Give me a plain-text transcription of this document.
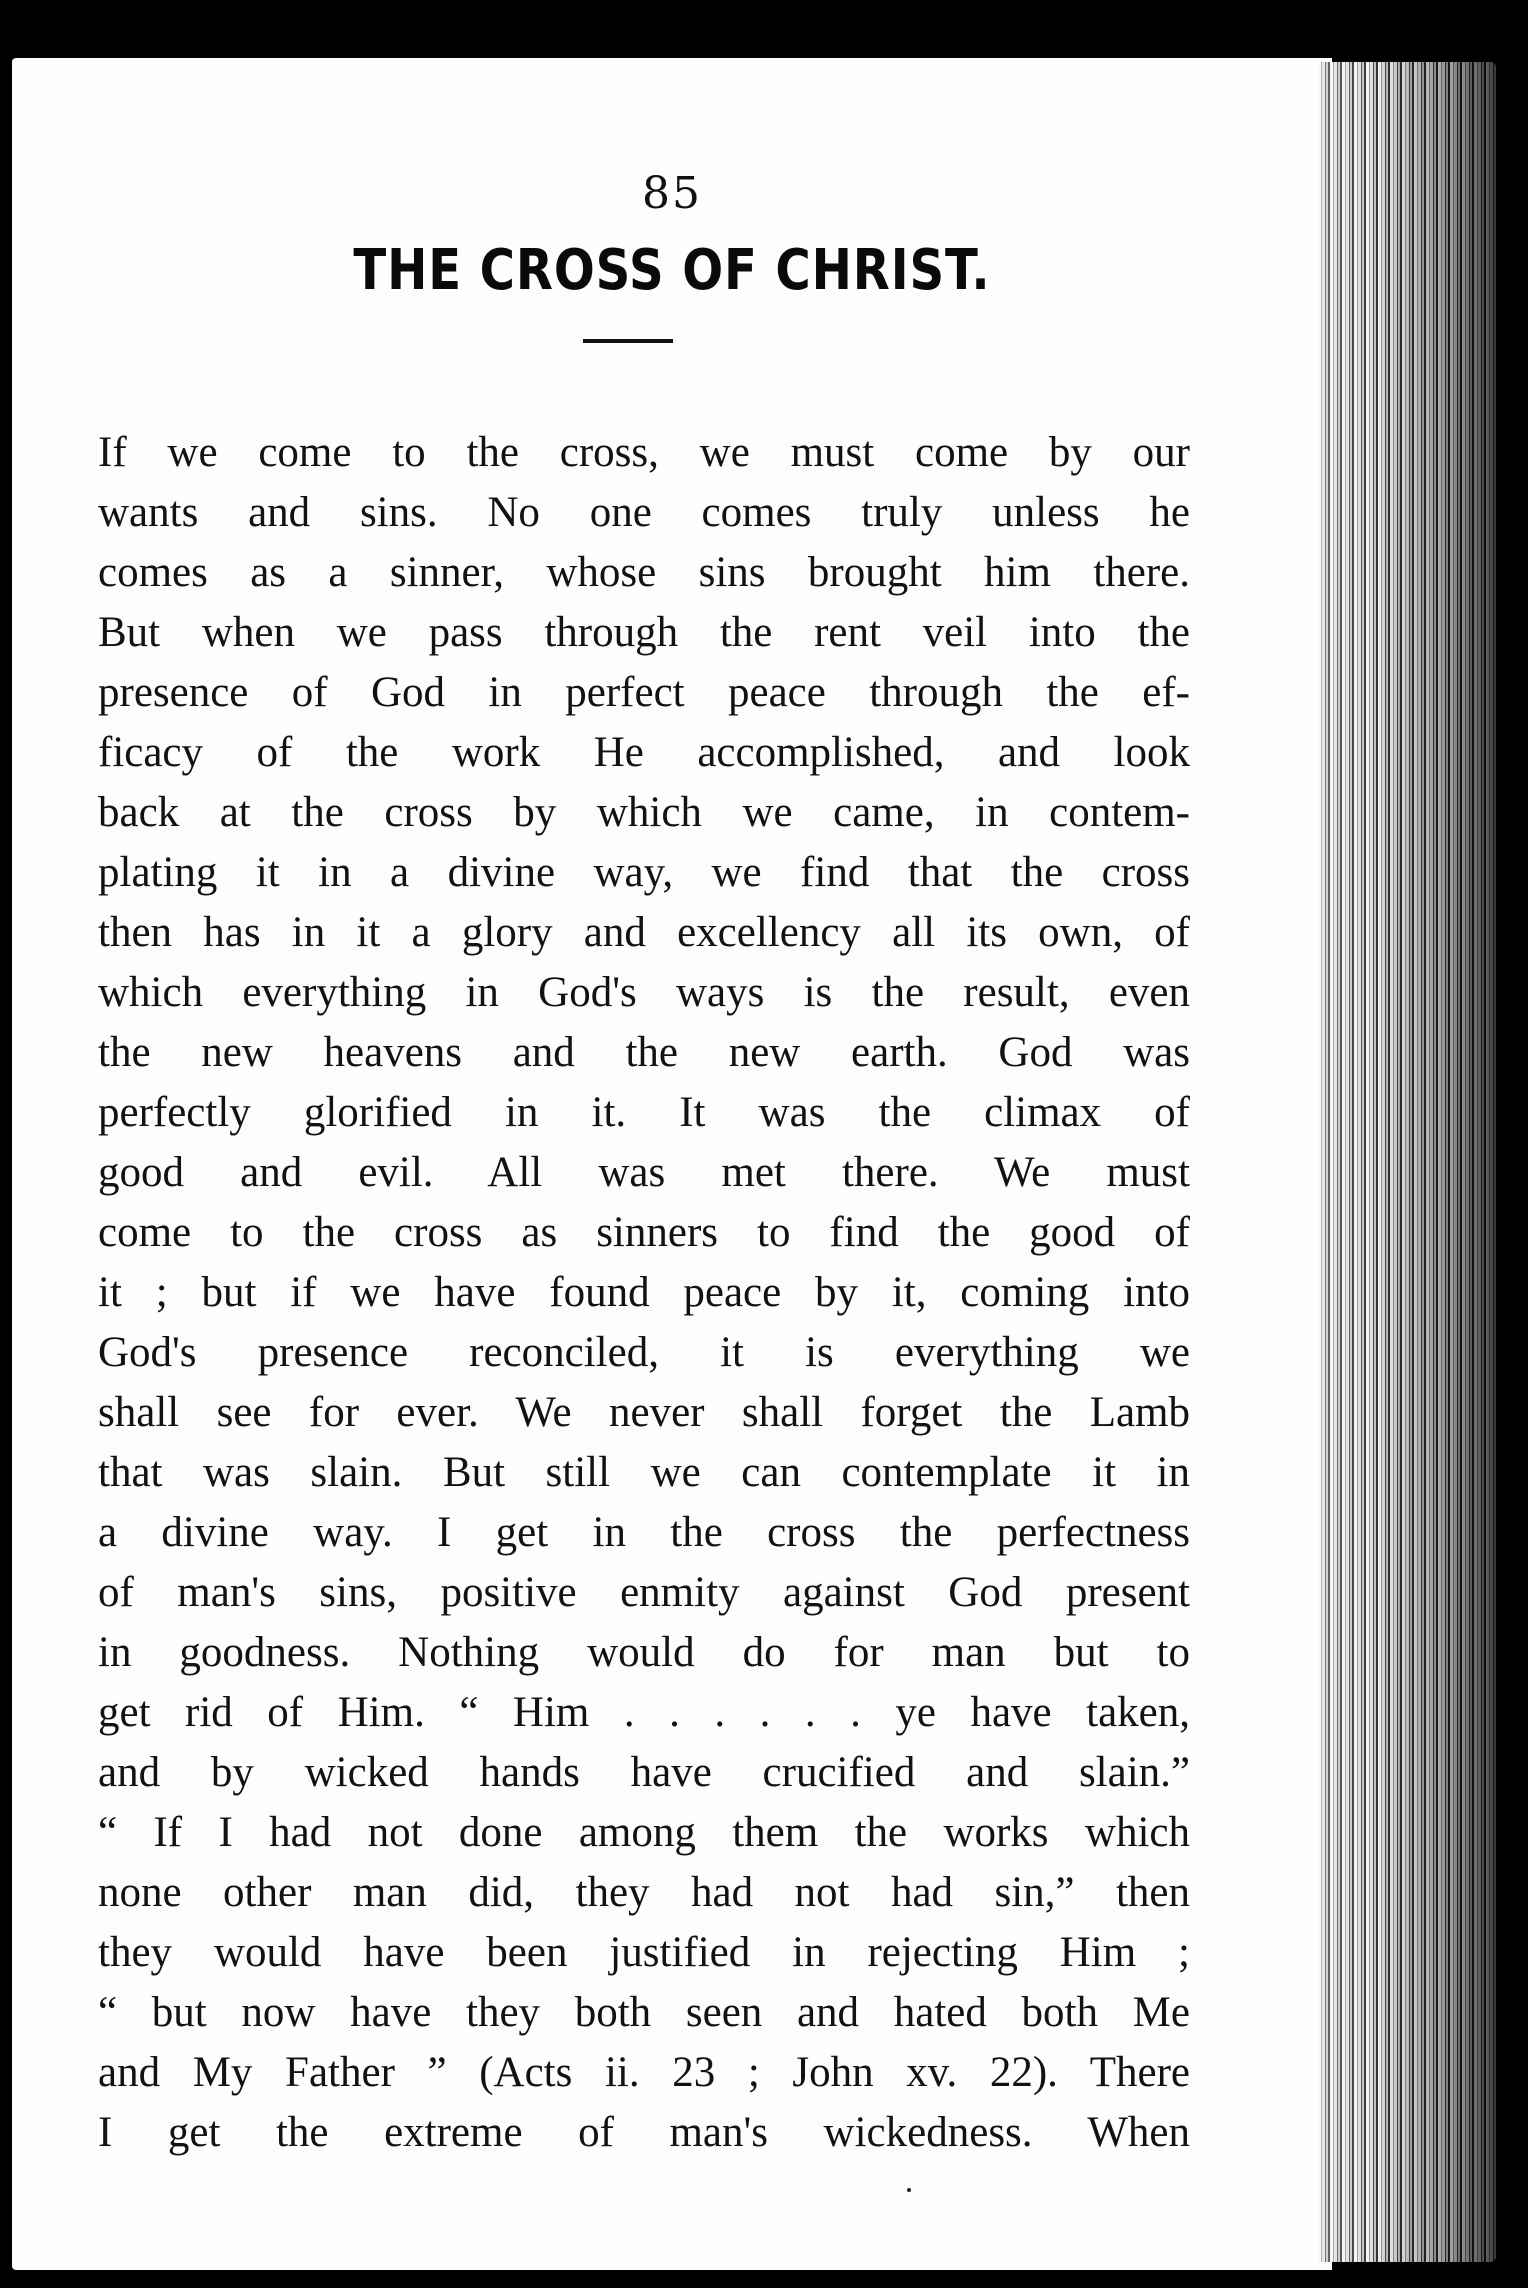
85
THE CROSS OF CHRIST.
If we come to the cross, we must come by our
wants and sins. No one comes truly unless he
comes as a sinner, whose sins brought him there.
But when we pass through the rent veil into the
presence of God in perfect peace through the ef-
ficacy of the work He accomplished, and look
back at the cross by which we came, in contem-
plating it in a divine way, we find that the cross
then has in it a glory and excellency all its own, of
which everything in God's ways is the result, even
the new heavens and the new earth. God was
perfectly glorified in it. It was the climax of
good and evil. All was met there. We must
come to the cross as sinners to find the good of
it ; but if we have found peace by it, coming into
God's presence reconciled, it is everything we
shall see for ever. We never shall forget the Lamb
that was slain. But still we can contemplate it in
a divine way. I get in the cross the perfectness
of man's sins, positive enmity against God present
in goodness. Nothing would do for man but to
get rid of Him. “ Him . . . . . . ye have taken,
and by wicked hands have crucified and slain.”
“ If I had not done among them the works which
none other man did, they had not had sin,” then
they would have been justified in rejecting Him ;
“ but now have they both seen and hated both Me
and My Father ” (Acts ii. 23 ; John xv. 22). There
I get the extreme of man's wickedness. When
